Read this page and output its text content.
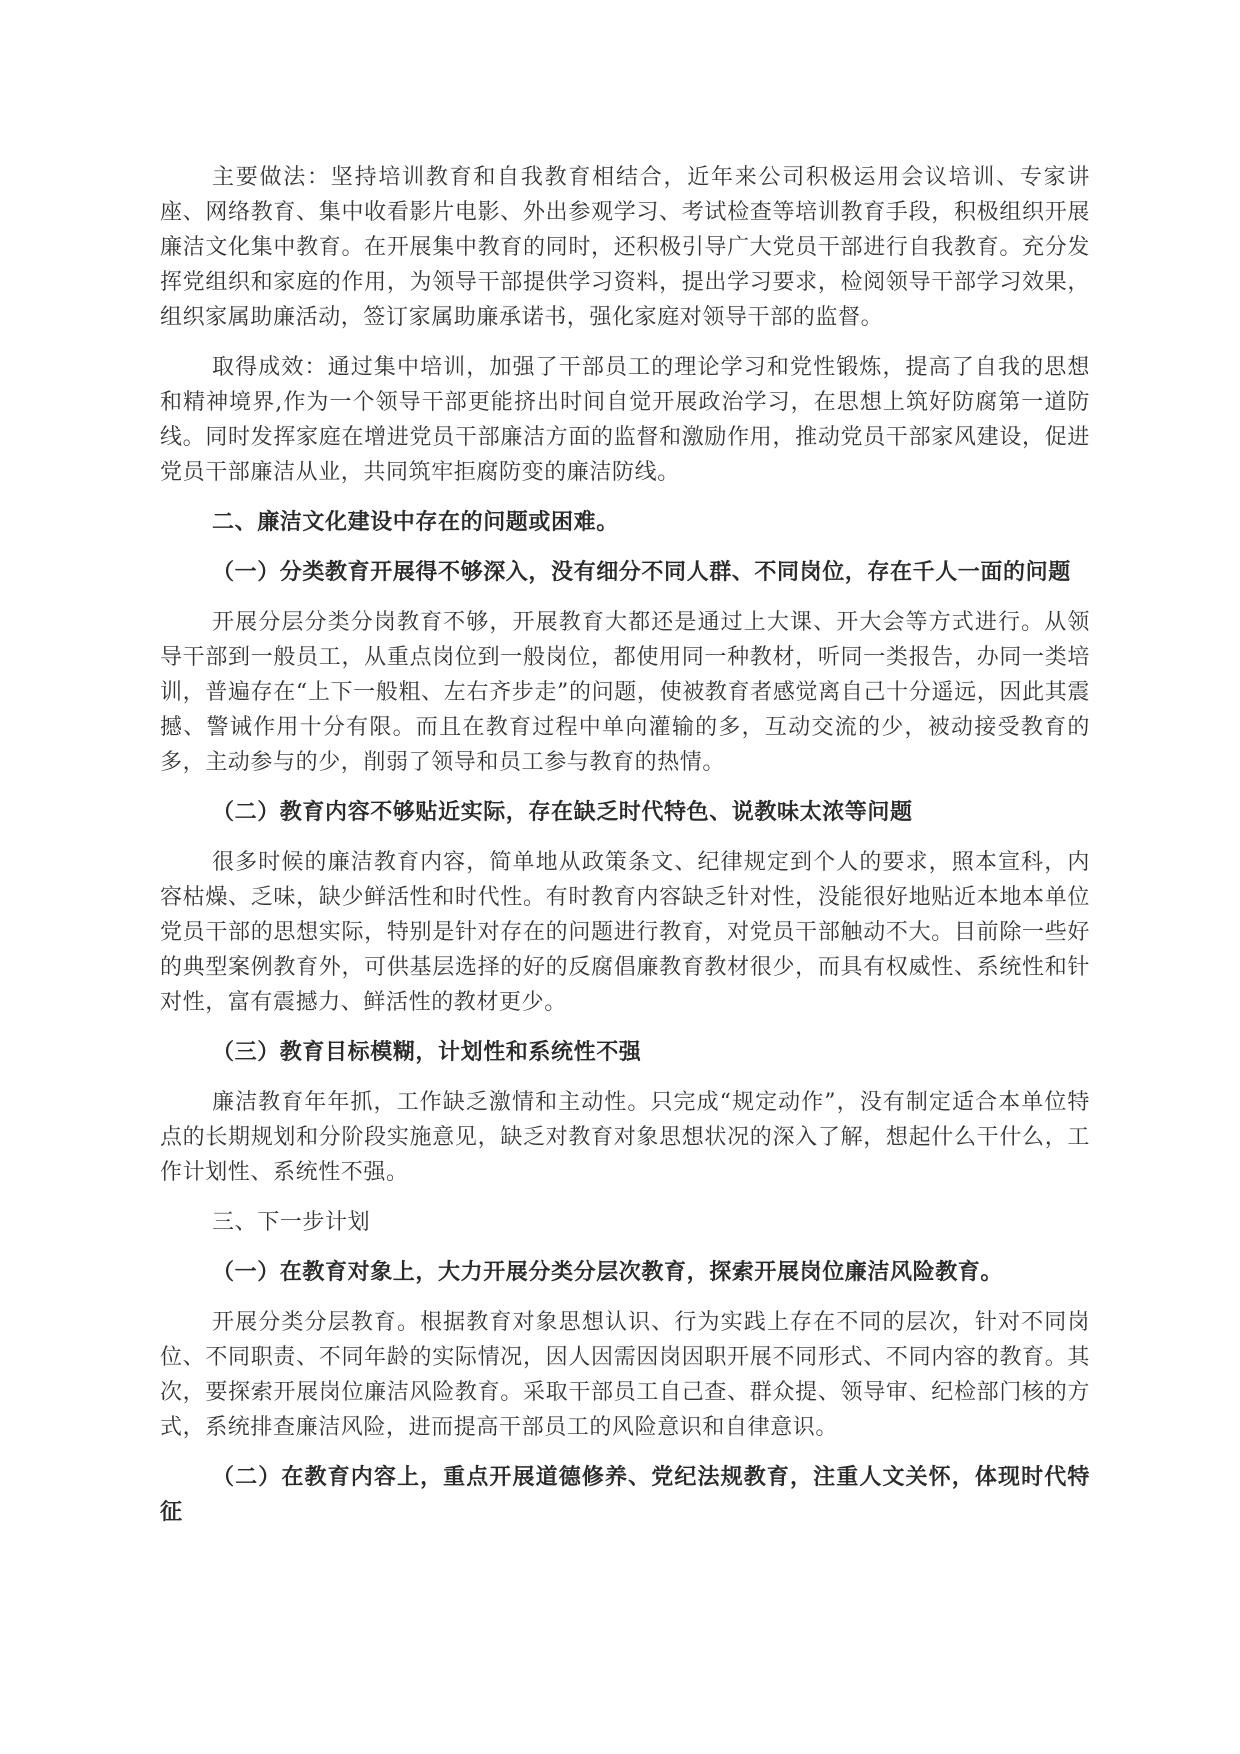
主要做法：坚持培训教育和自我教育相结合，近年来公司积极运用会议培训、专家讲座、网络教育、集中收看影片电影、外出参观学习、考试检查等培训教育手段，积极组织开展廉洁文化集中教育。在开展集中教育的同时，还积极引导广大党员干部进行自我教育。充分发挥党组织和家庭的作用，为领导干部提供学习资料，提出学习要求，检阅领导干部学习效果，组织家属助廉活动，签订家属助廉承诺书，强化家庭对领导干部的监督。

取得成效：通过集中培训，加强了干部员工的理论学习和党性锻炼，提高了自我的思想和精神境界,作为一个领导干部更能挤出时间自觉开展政治学习，在思想上筑好防腐第一道防线。同时发挥家庭在增进党员干部廉洁方面的监督和激励作用，推动党员干部家风建设，促进党员干部廉洁从业，共同筑牢拒腐防变的廉洁防线。

二、廉洁文化建设中存在的问题或困难。

（一）分类教育开展得不够深入，没有细分不同人群、不同岗位，存在千人一面的问题

开展分层分类分岗教育不够，开展教育大都还是通过上大课、开大会等方式进行。从领导干部到一般员工，从重点岗位到一般岗位，都使用同一种教材，听同一类报告，办同一类培训，普遍存在“上下一般粗、左右齐步走”的问题，使被教育者感觉离自己十分遥远，因此其震撼、警诫作用十分有限。而且在教育过程中单向灌输的多，互动交流的少，被动接受教育的多，主动参与的少，削弱了领导和员工参与教育的热情。

（二）教育内容不够贴近实际，存在缺乏时代特色、说教味太浓等问题

很多时候的廉洁教育内容，简单地从政策条文、纪律规定到个人的要求，照本宣科，内容枯燥、乏味，缺少鲜活性和时代性。有时教育内容缺乏针对性，没能很好地贴近本地本单位党员干部的思想实际，特别是针对存在的问题进行教育，对党员干部触动不大。目前除一些好的典型案例教育外，可供基层选择的好的反腐倡廉教育教材很少，而具有权威性、系统性和针对性，富有震撼力、鲜活性的教材更少。

（三）教育目标模糊，计划性和系统性不强

廉洁教育年年抓，工作缺乏激情和主动性。只完成“规定动作”，没有制定适合本单位特点的长期规划和分阶段实施意见，缺乏对教育对象思想状况的深入了解，想起什么干什么，工作计划性、系统性不强。

三、下一步计划

（一）在教育对象上，大力开展分类分层次教育，探索开展岗位廉洁风险教育。

开展分类分层教育。根据教育对象思想认识、行为实践上存在不同的层次，针对不同岗位、不同职责、不同年龄的实际情况，因人因需因岗因职开展不同形式、不同内容的教育。其次，要探索开展岗位廉洁风险教育。采取干部员工自己查、群众提、领导审、纪检部门核的方式，系统排查廉洁风险，进而提高干部员工的风险意识和自律意识。

（二）在教育内容上，重点开展道德修养、党纪法规教育，注重人文关怀，体现时代特征
